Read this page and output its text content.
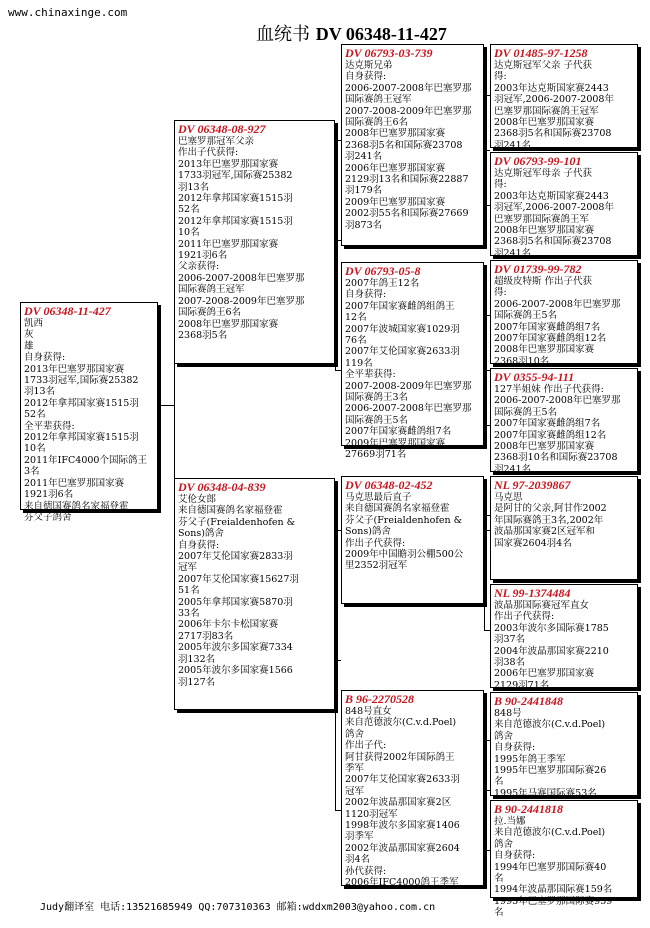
www.chinaxinge.com
血统书 DV 06348-11-427
DV 06348-11-427
凯西
灰
雄
自身获得:
2013年巴塞罗那国家赛
1733羽冠军,国际赛25382
羽13名
2012年拿邦国家赛1515羽
52名
全平辈获得:
2012年拿邦国家赛1515羽
10名
2011年IFC4000个国际鸽王
3名
2011年巴塞罗那国家赛
1921羽6名
来自德国赛鸽名家福登霍
芬父子鸽舍
DV 06348-08-927
巴塞罗那冠军父亲
作出子代获得:
2013年巴塞罗那国家赛
1733羽冠军,国际赛25382
羽13名
2012年拿邦国家赛1515羽
52名
2012年拿邦国家赛1515羽
10名
2011年巴塞罗那国家赛
1921羽6名
父亲获得:
2006-2007-2008年巴塞罗那
国际赛鸽王冠军
2007-2008-2009年巴塞罗那
国际赛鸽王6名
2008年巴塞罗那国家赛
2368羽5名
DV 06348-04-839
艾伦女郎
来自德国赛鸽名家福登霍
芬父子(Freialdenhofen &
Sons)鸽舍
自身获得:
2007年艾伦国家赛2833羽
冠军
2007年艾伦国家赛15627羽
51名
2005年拿邦国家赛5870羽
33名
2006年卡尔卡松国家赛
2717羽83名
2005年波尔多国家赛7334
羽132名
2005年波尔多国家赛1566
羽127名
DV 06793-03-739
达克斯兄弟
自身获得:
2006-2007-2008年巴塞罗那
国际赛鸽王冠军
2007-2008-2009年巴塞罗那
国际赛鸽王6名
2008年巴塞罗那国家赛
2368羽5名和国际赛23708
羽241名
2006年巴塞罗那国家赛
2129羽13名和国际赛22887
羽179名
2009年巴塞罗那国家赛
2002羽55名和国际赛27669
羽873名
DV 06793-05-8
2007年鸽王12名
自身获得:
2007年国家赛雌鸽组鸽王
12名
2007年波城国家赛1029羽
76名
2007年艾伦国家赛2633羽
119名
全平辈获得:
2007-2008-2009年巴塞罗那
国际赛鸽王3名
2006-2007-2008年巴塞罗那
国际赛鸽王5名
2007年国家赛雌鸽组7名
2009年巴塞罗那国家赛
27669羽71名
DV 06348-02-452
马克思最后直子
来自德国赛鸽名家福登霍
芬父子(Freialdenhofen &
Sons)鸽舍
作出子代获得:
2009年中国瞻羽公棚500公
里2352羽冠军
B 96-2270528
848号直女
来自范德波尔(C.v.d.Poel)
鸽舍
作出子代:
阿甘获得2002年国际鸽王
季军
2007年艾伦国家赛2633羽
冠军
2002年波晶那国家赛2区
1120羽冠军
1998年波尔多国家赛1406
羽季军
2002年波晶那国家赛2604
羽4名
孙代获得:
2006年IFC4000鸽王季军
DV 01485-97-1258
达克斯冠军父亲 子代获
得:
2003年达克斯国家赛2443
羽冠军,2006-2007-2008年
巴塞罗那国际赛鸽王冠军
2008年巴塞罗那国家赛
2368羽5名和国际赛23708
羽241名
DV 06793-99-101
达克斯冠军母亲 子代获
得:
2003年达克斯国家赛2443
羽冠军,2006-2007-2008年
巴塞罗那国际赛鸽王军
2008年巴塞罗那国家赛
2368羽5名和国际赛23708
羽241名
DV 01739-99-782
超级皮特斯 作出子代获
得:
2006-2007-2008年巴塞罗那
国际赛鸽王5名
2007年国家赛雌鸽组7名
2007年国家赛雌鸽组12名
2008年巴塞罗那国家赛
2368羽10名
DV 0355-94-111
127半姐妹 作出子代获得:
2006-2007-2008年巴塞罗那
国际赛鸽王5名
2007年国家赛雌鸽组7名
2007年国家赛雌鸽组12名
2008年巴塞罗那国家赛
2368羽10名和国际赛23708
羽241名
NL 97-2039867
马克思
是阿甘的父亲,阿甘作2002
年国际赛鸽王3名,2002年
波晶那国家赛2区冠军和
国家赛2604羽4名
NL 99-1374484
波晶那国际赛冠军直女
作出子代获得:
2003年波尔多国际赛1785
羽37名
2004年波晶那国家赛2210
羽38名
2006年巴塞罗那国家赛
2129羽71名
B 90-2441848
848号
来自范德波尔(C.v.d.Poel)
鸽舍
自身获得:
1995年鸽王季军
1995年巴塞罗那国际赛26
名
1995年马赛国际赛53名
B 90-2441818
拉.当娜
来自范德波尔(C.v.d.Poel)
鸽舍
自身获得:
1994年巴塞罗那国际赛40
名
1994年波晶那国际赛159名
1995年巴塞罗那国际赛959
名
Judy翻译室 电话:13521685949 QQ:707310363 邮箱:wddxm2003@yahoo.com.cn
